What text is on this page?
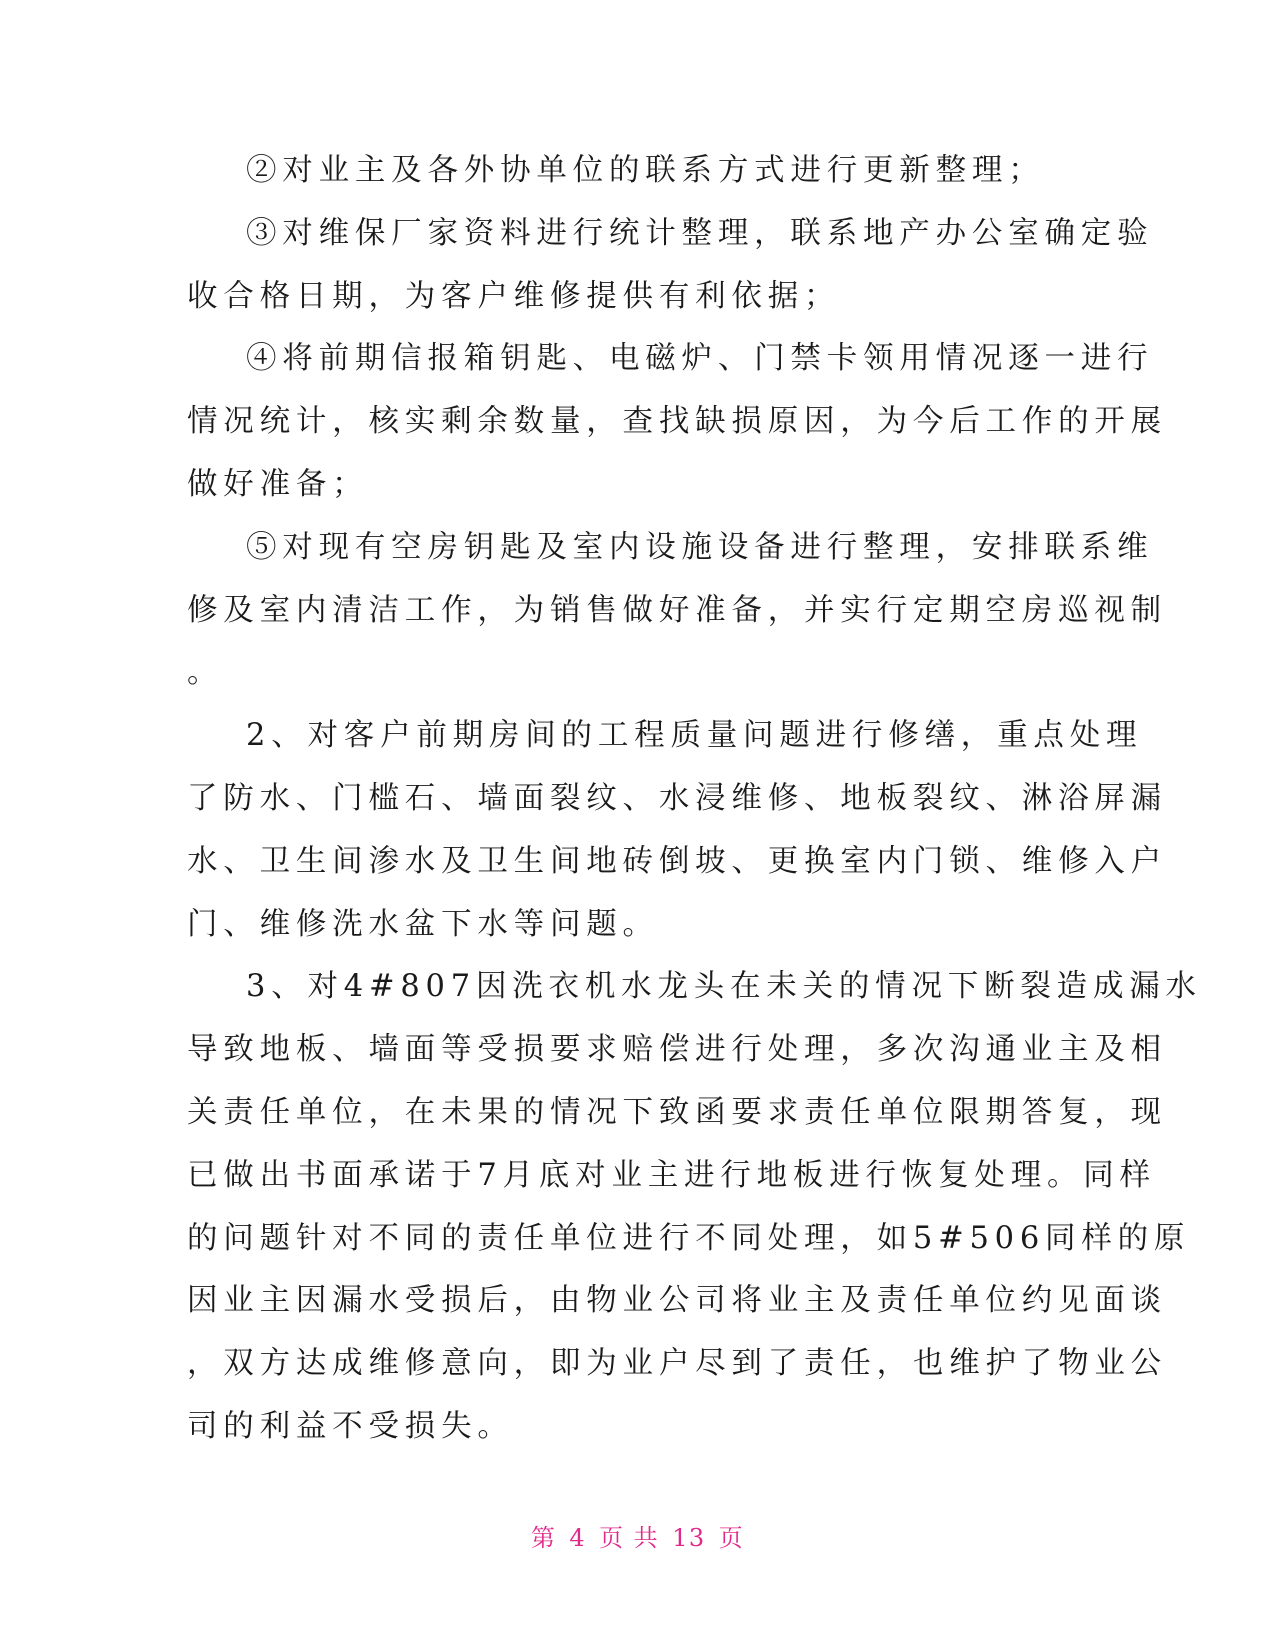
②对业主及各外协单位的联系方式进行更新整理；
③对维保厂家资料进行统计整理，联系地产办公室确定验
收合格日期，为客户维修提供有利依据；
④将前期信报箱钥匙、电磁炉、门禁卡领用情况逐一进行
情况统计，核实剩余数量，查找缺损原因，为今后工作的开展
做好准备；
⑤对现有空房钥匙及室内设施设备进行整理，安排联系维
修及室内清洁工作，为销售做好准备，并实行定期空房巡视制
。
2、对客户前期房间的工程质量问题进行修缮，重点处理
了防水、门槛石、墙面裂纹、水浸维修、地板裂纹、淋浴屏漏
水、卫生间渗水及卫生间地砖倒坡、更换室内门锁、维修入户
门、维修洗水盆下水等问题。
3、对4#807因洗衣机水龙头在未关的情况下断裂造成漏水
导致地板、墙面等受损要求赔偿进行处理，多次沟通业主及相
关责任单位，在未果的情况下致函要求责任单位限期答复，现
已做出书面承诺于7月底对业主进行地板进行恢复处理。同样
的问题针对不同的责任单位进行不同处理，如5#506同样的原
因业主因漏水受损后，由物业公司将业主及责任单位约见面谈
，双方达成维修意向，即为业户尽到了责任，也维护了物业公
司的利益不受损失。
第 4 页 共 13 页
